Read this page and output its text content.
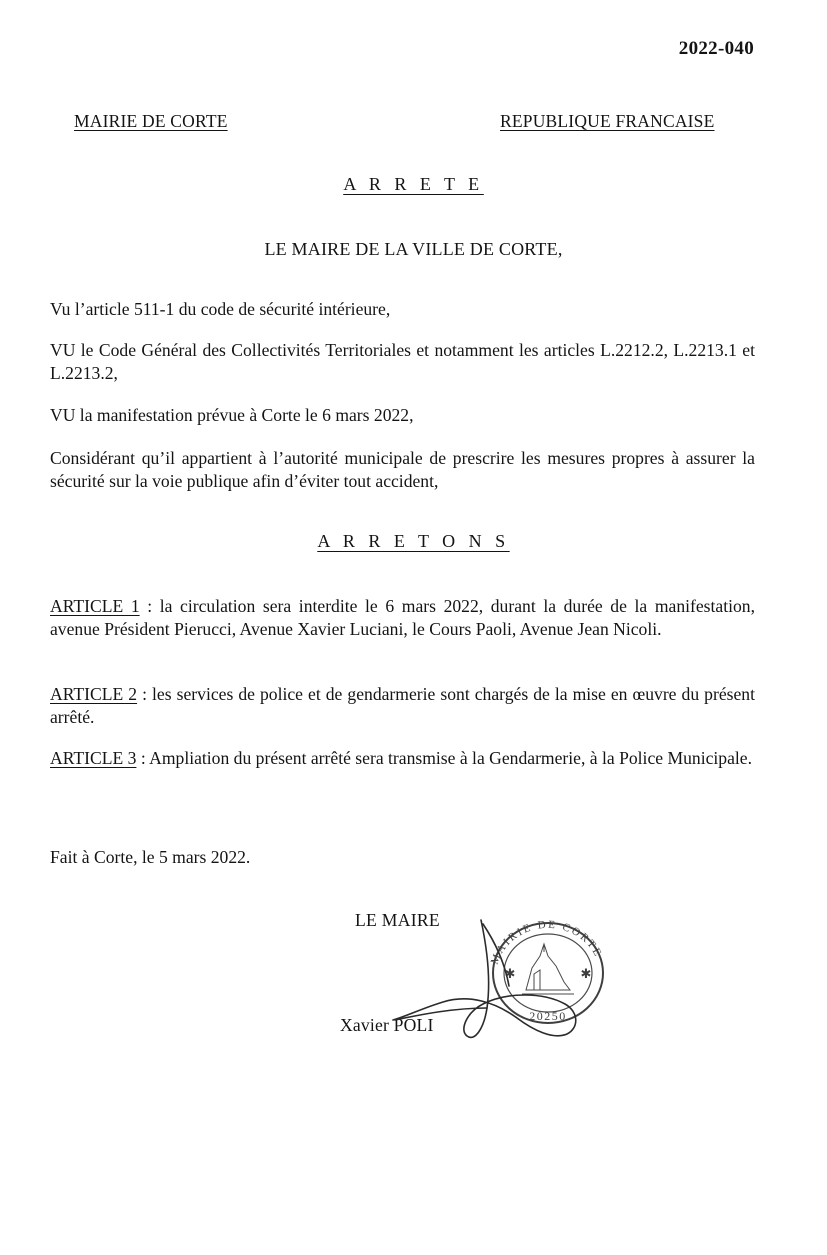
2022-040
MAIRIE DE CORTE	REPUBLIQUE FRANCAISE
A R R E T E
LE MAIRE DE LA VILLE DE CORTE,
Vu l’article 511-1 du code de sécurité intérieure,
VU le Code Général des Collectivités Territoriales et notamment les articles L.2212.2, L.2213.1 et L.2213.2,
VU la manifestation prévue à Corte le 6 mars 2022,
Considérant qu’il appartient à l’autorité municipale de prescrire les mesures propres à assurer la sécurité sur la voie publique afin d’éviter tout accident,
A R R E T O N S
ARTICLE 1 : la circulation sera interdite le 6 mars 2022, durant la durée de la manifestation, avenue Président Pierucci, Avenue Xavier Luciani, le Cours Paoli, Avenue Jean Nicoli.
ARTICLE 2 : les services de police et de gendarmerie sont chargés de la mise en œuvre du présent arrêté.
ARTICLE 3 : Ampliation du présent arrêté sera transmise à la Gendarmerie, à la Police Municipale.
Fait à Corte, le 5 mars 2022.
LE MAIRE
Xavier POLI
MAIRIE DE CORTE
20250
✱
✱
